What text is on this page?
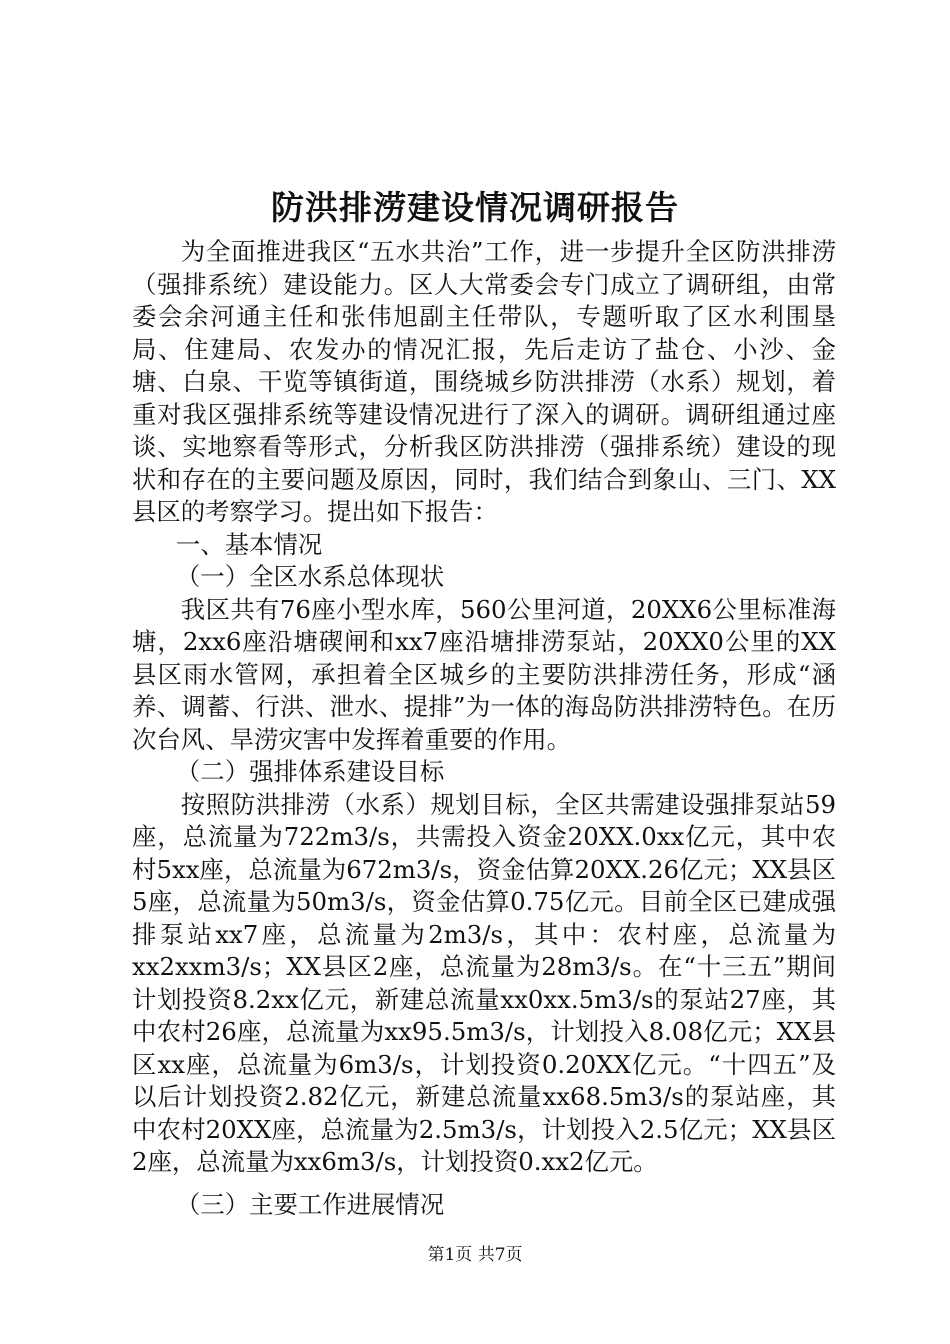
防洪排涝建设情况调研报告

为全面推进我区“五水共治”工作，进一步提升全区防洪排涝（强排系统）建设能力。区人大常委会专门成立了调研组，由常委会余河通主任和张伟旭副主任带队，专题听取了区水利围垦局、住建局、农发办的情况汇报，先后走访了盐仓、小沙、金塘、白泉、干览等镇街道，围绕城乡防洪排涝（水系）规划，着重对我区强排系统等建设情况进行了深入的调研。调研组通过座谈、实地察看等形式，分析我区防洪排涝（强排系统）建设的现状和存在的主要问题及原因，同时，我们结合到象山、三门、XX县区的考察学习。提出如下报告：

一、基本情况

（一）全区水系总体现状

我区共有76座小型水库，560公里河道，20XX6公里标准海塘，2xx6座沿塘碶闸和xx7座沿塘排涝泵站，20XX0公里的XX县区雨水管网，承担着全区城乡的主要防洪排涝任务，形成“涵养、调蓄、行洪、泄水、提排”为一体的海岛防洪排涝特色。在历次台风、旱涝灾害中发挥着重要的作用。

（二）强排体系建设目标

按照防洪排涝（水系）规划目标，全区共需建设强排泵站59座，总流量为722m3/s，共需投入资金20XX.0xx亿元，其中农村5xx座，总流量为672m3/s，资金估算20XX.26亿元；XX县区5座，总流量为50m3/s，资金估算0.75亿元。目前全区已建成强排泵站xx7座，总流量为2m3/s，其中：农村座，总流量为xx2xxm3/s；XX县区2座，总流量为28m3/s。在“十三五”期间计划投资8.2xx亿元，新建总流量xx0xx.5m3/s的泵站27座，其中农村26座，总流量为xx95.5m3/s，计划投入8.08亿元；XX县区xx座，总流量为6m3/s，计划投资0.20XX亿元。“十四五”及以后计划投资2.82亿元，新建总流量xx68.5m3/s的泵站座，其中农村20XX座，总流量为2.5m3/s，计划投入2.5亿元；XX县区2座，总流量为xx6m3/s，计划投资0.xx2亿元。

（三）主要工作进展情况

第1页 共7页
